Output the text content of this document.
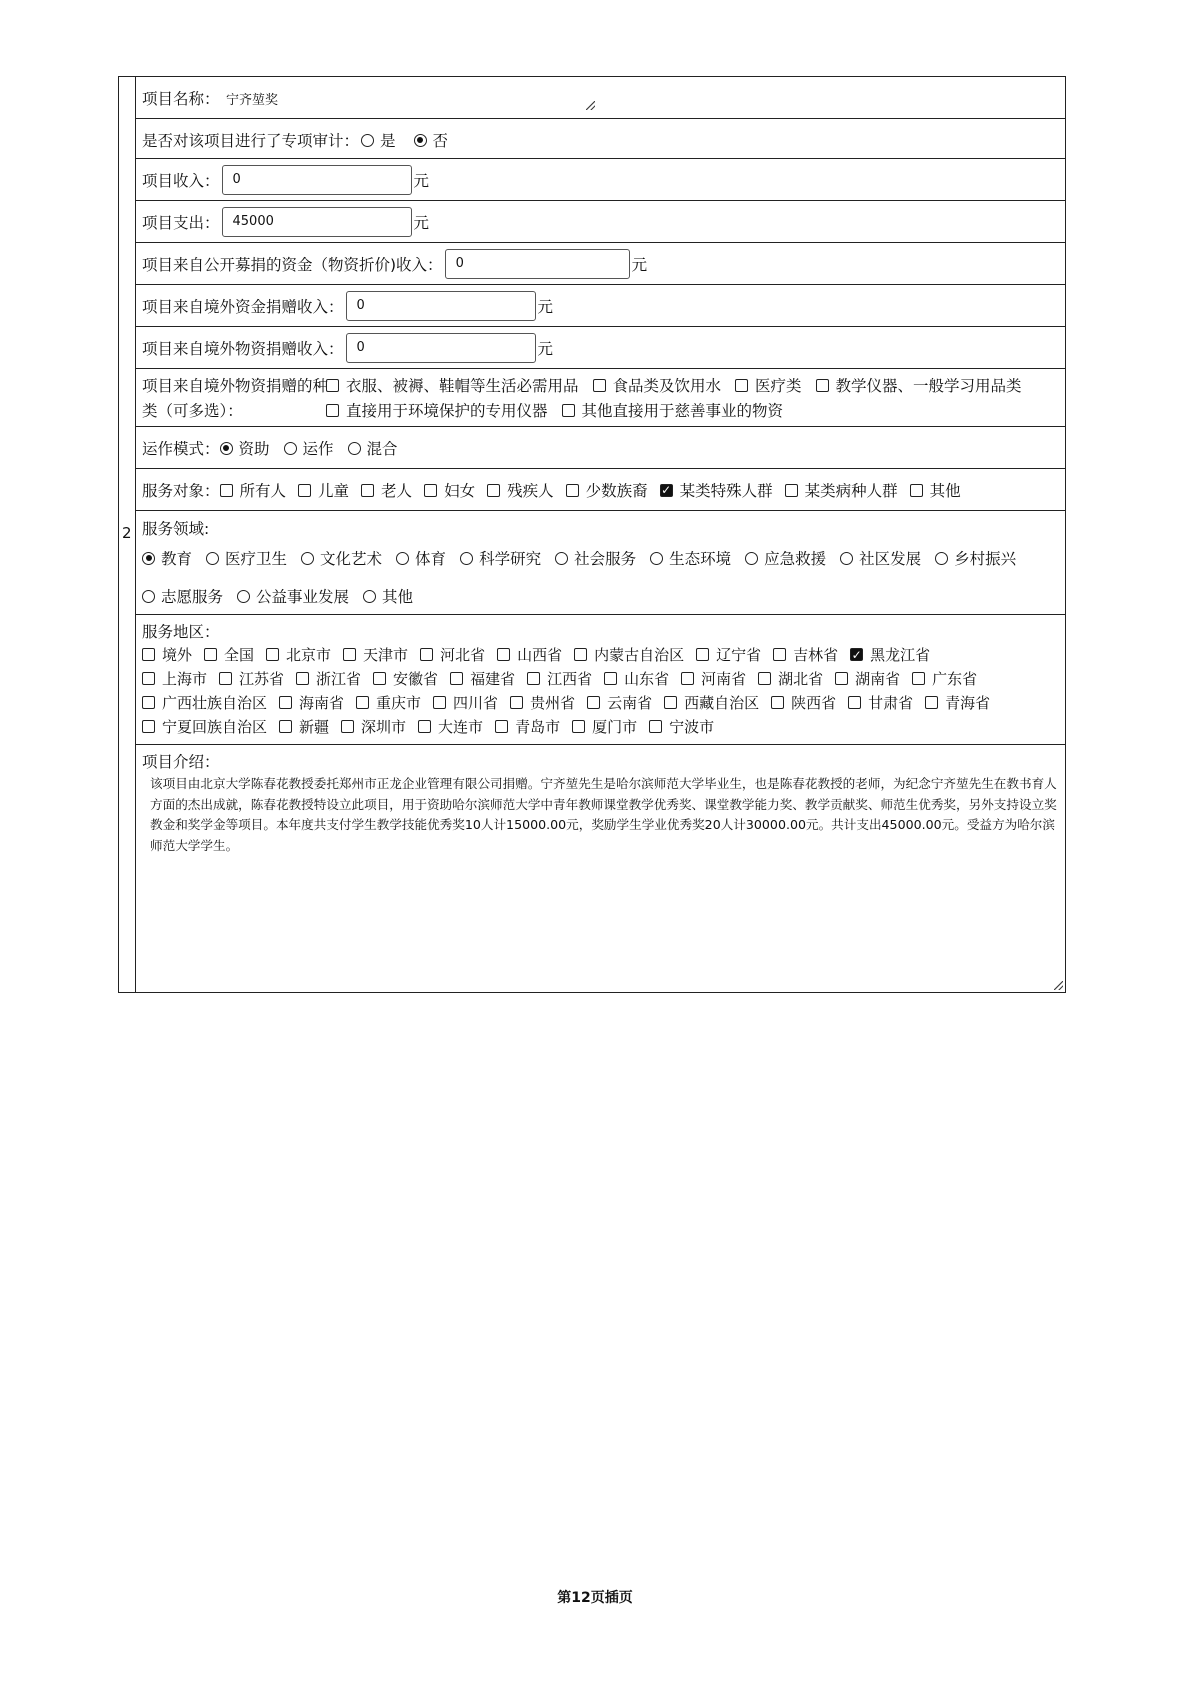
2
项目名称： 宁齐堃奖
是否对该项目进行了专项审计： 是 否
项目收入：	0	元
项目支出：	45000	元
项目来自公开募捐的资金（物资折价)收入：	0	元
项目来自境外资金捐赠收入：	0	元
项目来自境外物资捐赠收入：	0	元
项目来自境外物资捐赠的种
类（可多选）：
衣服、被褥、鞋帽等生活必需用品 食品类及饮用水 医疗类 教学仪器、一般学习用品类
直接用于环境保护的专用仪器 其他直接用于慈善事业的物资
运作模式： 资助 运作 混合
服务对象： 所有人 儿童 老人 妇女 残疾人 少数族裔 ✓ 某类特殊人群 某类病种人群 其他
服务领域:
教育 医疗卫生 文化艺术 体育 科学研究 社会服务 生态环境 应急救援 社区发展 乡村振兴
志愿服务 公益事业发展 其他
服务地区：
境外 全国 北京市 天津市 河北省 山西省 内蒙古自治区 辽宁省 吉林省 ✓ 黑龙江省
上海市 江苏省 浙江省 安徽省 福建省 江西省 山东省 河南省 湖北省 湖南省 广东省
广西壮族自治区 海南省 重庆市 四川省 贵州省 云南省 西藏自治区 陕西省 甘肃省 青海省
宁夏回族自治区 新疆 深圳市 大连市 青岛市 厦门市 宁波市
项目介绍：
该项目由北京大学陈春花教授委托郑州市正龙企业管理有限公司捐赠。宁齐堃先生是哈尔滨师范大学毕业生，也是陈春花教授的老师，为纪念宁齐堃先生在教书育人方面的杰出成就，陈春花教授特设立此项目，用于资助哈尔滨师范大学中青年教师课堂教学优秀奖、课堂教学能力奖、教学贡献奖、师范生优秀奖，另外支持设立奖教金和奖学金等项目。本年度共支付学生教学技能优秀奖10人计15000.00元，奖励学生学业优秀奖20人计30000.00元。共计支出45000.00元。受益方为哈尔滨师范大学学生。
第12页插页
